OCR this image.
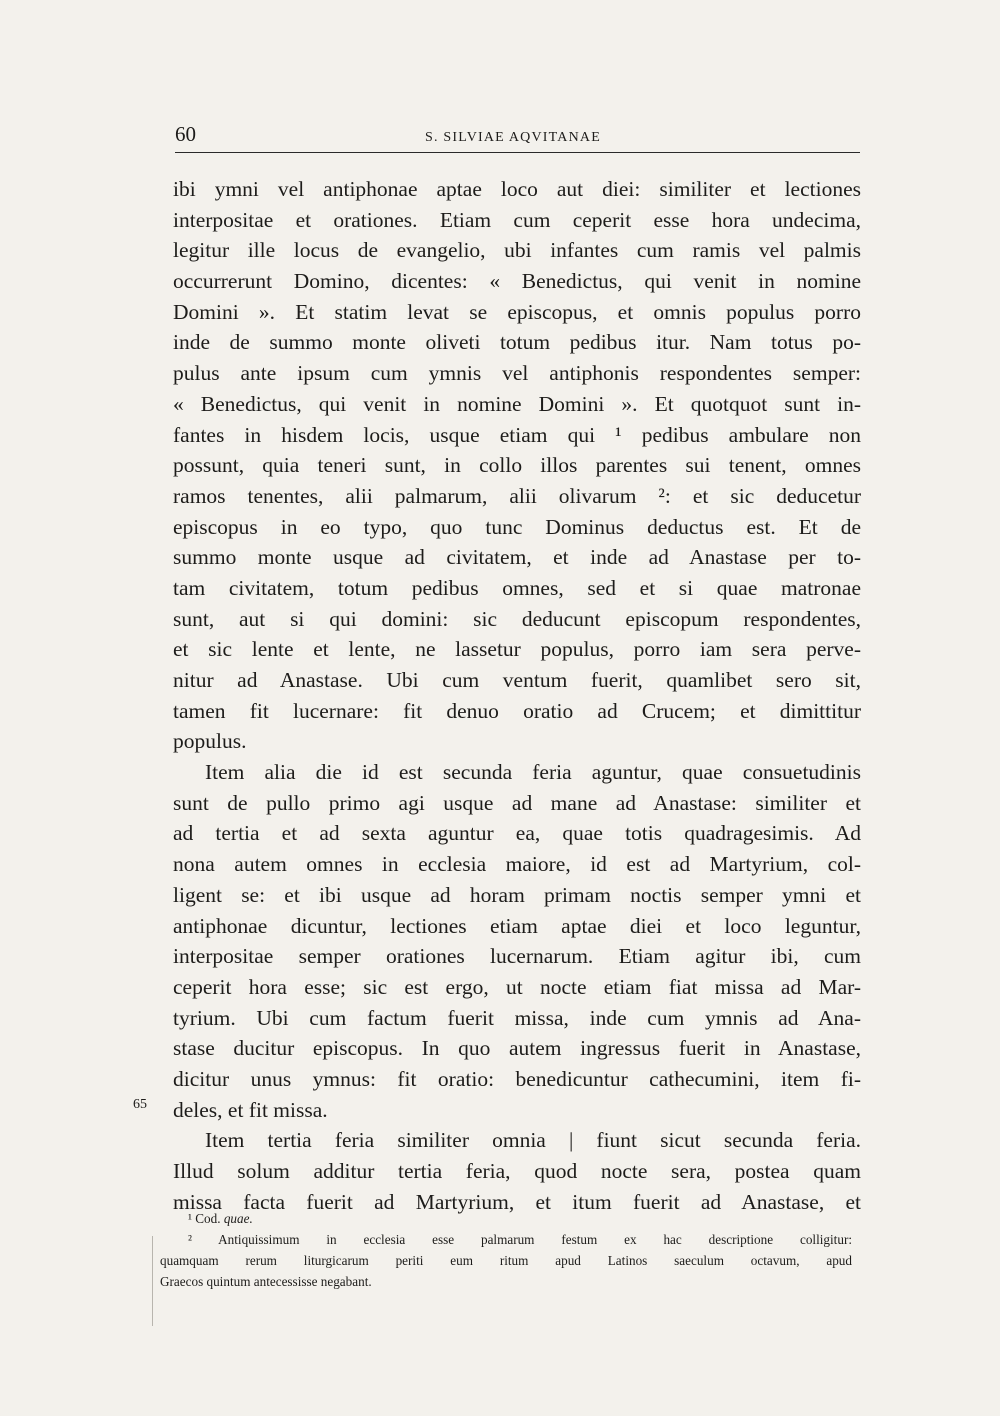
60	S. SILVIAE AQVITANAE
ibi ymni vel antiphonae aptae loco aut diei: similiter et lectiones
interpositae et orationes. Etiam cum ceperit esse hora undecima,
legitur ille locus de evangelio, ubi infantes cum ramis vel palmis
occurrerunt Domino, dicentes: « Benedictus, qui venit in nomine
Domini ». Et statim levat se episcopus, et omnis populus porro
inde de summo monte oliveti totum pedibus itur. Nam totus po-
pulus ante ipsum cum ymnis vel antiphonis respondentes semper:
« Benedictus, qui venit in nomine Domini ». Et quotquot sunt in-
fantes in hisdem locis, usque etiam qui ¹ pedibus ambulare non
possunt, quia teneri sunt, in collo illos parentes sui tenent, omnes
ramos tenentes, alii palmarum, alii olivarum ²: et sic deducetur
episcopus in eo typo, quo tunc Dominus deductus est. Et de
summo monte usque ad civitatem, et inde ad Anastase per to-
tam civitatem, totum pedibus omnes, sed et si quae matronae
sunt, aut si qui domini: sic deducunt episcopum respondentes,
et sic lente et lente, ne lassetur populus, porro iam sera perve-
nitur ad Anastase. Ubi cum ventum fuerit, quamlibet sero sit,
tamen fit lucernare: fit denuo oratio ad Crucem; et dimittitur
populus.
Item alia die id est secunda feria aguntur, quae consuetudinis
sunt de pullo primo agi usque ad mane ad Anastase: similiter et
ad tertia et ad sexta aguntur ea, quae totis quadragesimis. Ad
nona autem omnes in ecclesia maiore, id est ad Martyrium, col-
ligent se: et ibi usque ad horam primam noctis semper ymni et
antiphonae dicuntur, lectiones etiam aptae diei et loco leguntur,
interpositae semper orationes lucernarum. Etiam agitur ibi, cum
ceperit hora esse; sic est ergo, ut nocte etiam fiat missa ad Mar-
tyrium. Ubi cum factum fuerit missa, inde cum ymnis ad Ana-
stase ducitur episcopus. In quo autem ingressus fuerit in Anastase,
dicitur unus ymnus: fit oratio: benedicuntur cathecumini, item fi-
deles, et fit missa.
Item tertia feria similiter omnia | fiunt sicut secunda feria.
Illud solum additur tertia feria, quod nocte sera, postea quam
missa facta fuerit ad Martyrium, et itum fuerit ad Anastase, et
65
¹ Cod. quae.
² Antiquissimum in ecclesia esse palmarum festum ex hac descriptione colligitur:
quamquam rerum liturgicarum periti eum ritum apud Latinos saeculum octavum, apud
Graecos quintum antecessisse negabant.
